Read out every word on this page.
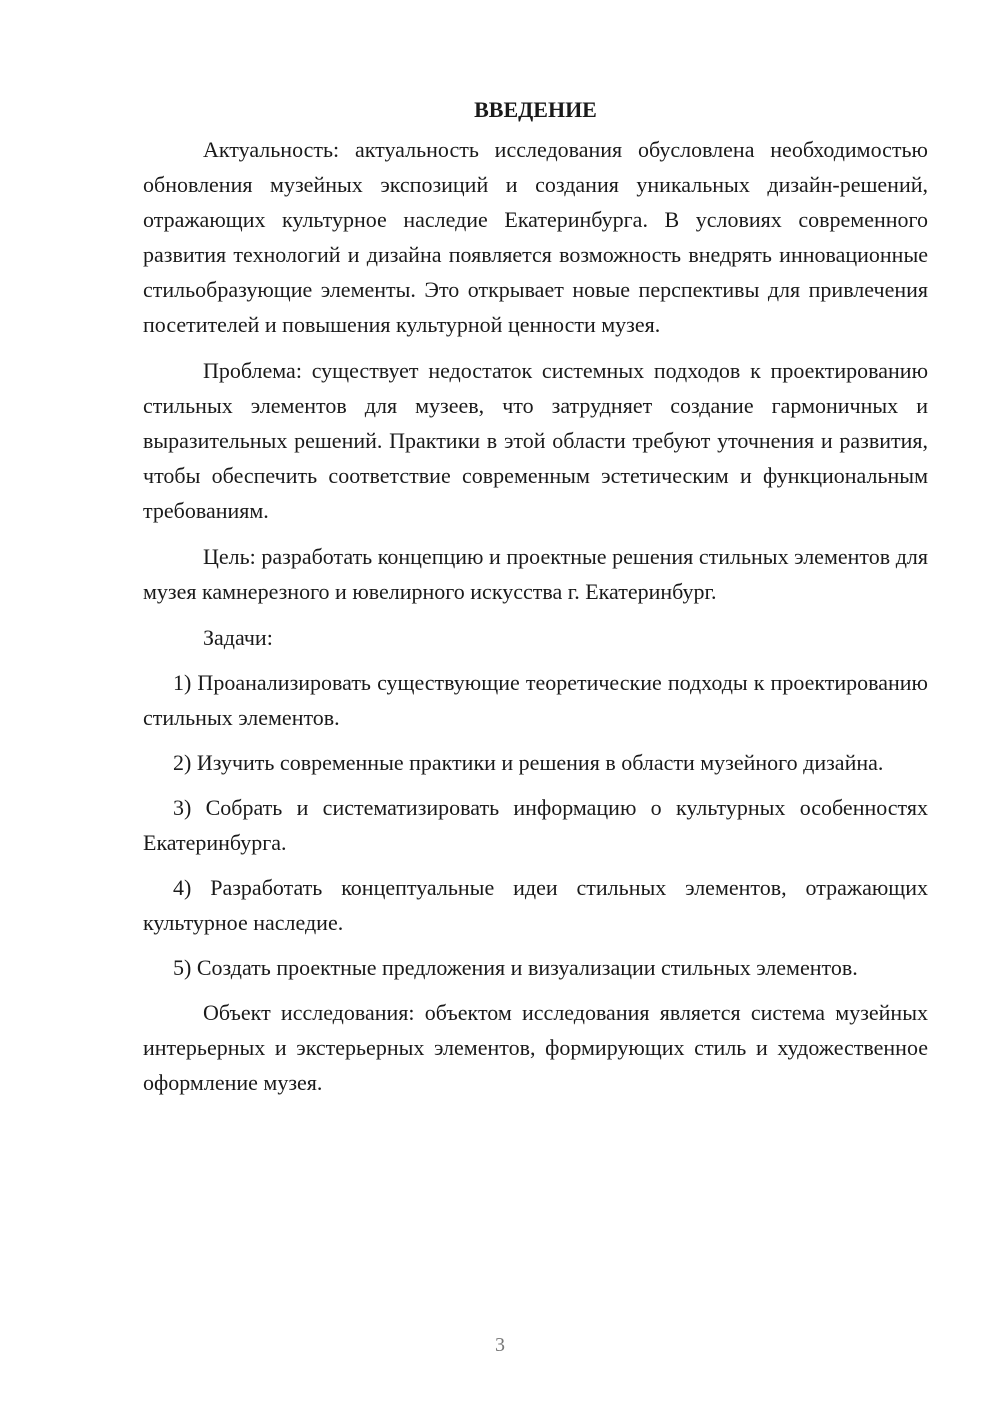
ВВЕДЕНИЕ

Актуальность: актуальность исследования обусловлена необходимостью обновления музейных экспозиций и создания уникальных дизайн-решений, отражающих культурное наследие Екатеринбурга. В условиях современного развития технологий и дизайна появляется возможность внедрять инновационные стильобразующие элементы. Это открывает новые перспективы для привлечения посетителей и повышения культурной ценности музея.

Проблема: существует недостаток системных подходов к проектированию стильных элементов для музеев, что затрудняет создание гармоничных и выразительных решений. Практики в этой области требуют уточнения и развития, чтобы обеспечить соответствие современным эстетическим и функциональным требованиям.

Цель: разработать концепцию и проектные решения стильных элементов для музея камнерезного и ювелирного искусства г. Екатеринбург.

Задачи:

1) Проанализировать существующие теоретические подходы к проектированию стильных элементов.

2) Изучить современные практики и решения в области музейного дизайна.

3) Собрать и систематизировать информацию о культурных особенностях Екатеринбурга.

4) Разработать концептуальные идеи стильных элементов, отражающих культурное наследие.

5) Создать проектные предложения и визуализации стильных элементов.

Объект исследования: объектом исследования является система музейных интерьерных и экстерьерных элементов, формирующих стиль и художественное оформление музея.

3
